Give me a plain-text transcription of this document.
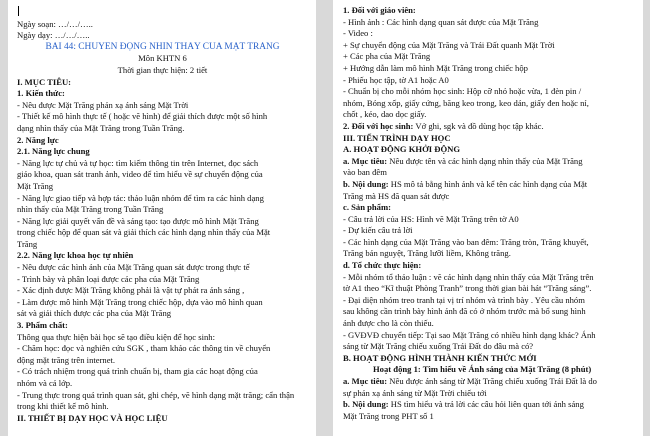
Ngày soạn: …/…/…..
Ngày dạy: …/…/…..
BÀI 44: CHUYỂN ĐỘNG NHÌN THẤY CỦA MẶT TRĂNG
Môn KHTN 6
Thời gian thực hiện: 2 tiết
I. MỤC TIÊU:
1. Kiến thức:
- Nêu được Mặt Trăng phản xạ ánh sáng Mặt Trời
- Thiết kế mô hình thực tế ( hoặc vẽ hình) để giải thích được một số hình
dạng nhìn thấy của Mặt Trăng trong Tuần Trăng.
2. Năng lực
2.1. Năng lực chung
- Năng lực tự chủ và tự học: tìm kiếm thông tin trên Internet, đọc sách
giáo khoa, quan sát tranh ảnh, video để tìm hiểu về sự chuyển động của
Mặt Trăng
- Năng lực giao tiếp và hợp tác: thảo luận nhóm để tìm ra các hình dạng
nhìn thấy của Mặt Trăng trong Tuần Trăng
- Năng lực giải quyết vấn đề và sáng tạo: tạo được mô hình Mặt Trăng
trong chiếc hộp để quan sát và giải thích các hình dạng nhìn thấy của Mặt
Trăng
2.2. Năng lực khoa học tự nhiên
- Nêu được các hình ảnh của Mặt Trăng quan sát được trong thực tế
- Trình bày và phân loại được các pha của Mặt Trăng
- Xác định được Mặt Trăng không phải là vật tự phát ra ánh sáng ,
- Làm được mô hình Mặt Trăng trong chiếc hộp, dựa vào mô hình quan
sát và giải thích được các pha của Mặt Trăng
3. Phẩm chất:
Thông qua thực hiện bài học sẽ tạo điều kiện để học sinh:
- Chăm học: đọc và nghiên cứu SGK , tham khảo các thông tin về chuyển
động mặt trăng trên internet.
- Có trách nhiệm trong quá trình chuẩn bị, tham gia các hoạt động của
nhóm và cả lớp.
- Trung thực trong quá trình quan sát, ghi chép, vẽ hình dạng mặt trăng; cẩn thận
trong khi thiết kế mô hình.
II. THIẾT BỊ DẠY HỌC VÀ HỌC LIỆU
1. Đối với giáo viên:
- Hình ảnh : Các hình dạng quan sát được của Mặt Trăng
- Video :
+ Sự chuyển động của Mặt Trăng và Trái Đất quanh Mặt Trời
+ Các pha của Mặt Trăng
+ Hướng dẫn làm mô hình Mặt Trăng trong chiếc hộp
- Phiếu học tập, tờ A1 hoặc A0
- Chuẩn bị cho mỗi nhóm học sinh: Hộp cỡ nhỏ hoặc vừa, 1 đèn pin /
nhóm, Bóng xốp, giấy cứng, băng keo trong, keo dán, giấy đen hoặc nỉ,
chốt , kéo, dao dọc giấy.
2. Đối với học sinh: Vở ghi, sgk và đồ dùng học tập khác.
III. TIẾN TRÌNH DẠY HỌC
A. HOẠT ĐỘNG KHỞI ĐỘNG
a. Mục tiêu: Nêu được tên và các hình dạng nhìn thấy của Mặt Trăng
vào ban đêm
b. Nội dung: HS mô tả bằng hình ảnh và kể tên các hình dạng của Mặt
Trăng mà HS đã quan sát được
c. Sản phẩm:
- Câu trả lời của HS: Hình vẽ Mặt Trăng trên tờ A0
- Dự kiến câu trả lời
- Các hình dạng của Mặt Trăng vào ban đêm: Trăng tròn, Trăng khuyết,
Trăng bán nguyệt, Trăng lưỡi liềm, Không trăng.
d. Tổ chức thực hiện:
- Mỗi nhóm tổ thảo luận : vẽ các hình dạng nhìn thấy của Mặt Trăng trên
tờ A1 theo “Kĩ thuật Phòng Tranh” trong thời gian bài hát “Trăng sáng”.
- Đại diện nhóm treo tranh tại vị trí nhóm và trình bày . Yêu cầu nhóm
sau không cần trình bày hình ảnh đã có ở nhóm trước mà bổ sung hình
ảnh được cho là còn thiếu.
- GVĐVĐ chuyển tiếp: Tại sao Mặt Trăng có nhiều hình dạng khác? Ánh
sáng từ Mặt Trăng chiếu xuống Trái Đất do đâu mà có?
B. HOẠT ĐỘNG HÌNH THÀNH KIẾN THỨC MỚI
Hoạt động 1: Tìm hiểu về Ánh sáng của Mặt Trăng (8 phút)
a. Mục tiêu: Nêu được ánh sáng từ Mặt Trăng chiếu xuống Trái Đất là do
sự phản xạ ánh sáng từ Mặt Trời chiếu tới
b. Nội dung: HS tìm hiểu và trả lời các câu hỏi liên quan tới ánh sáng
Mặt Trăng trong PHT số 1
